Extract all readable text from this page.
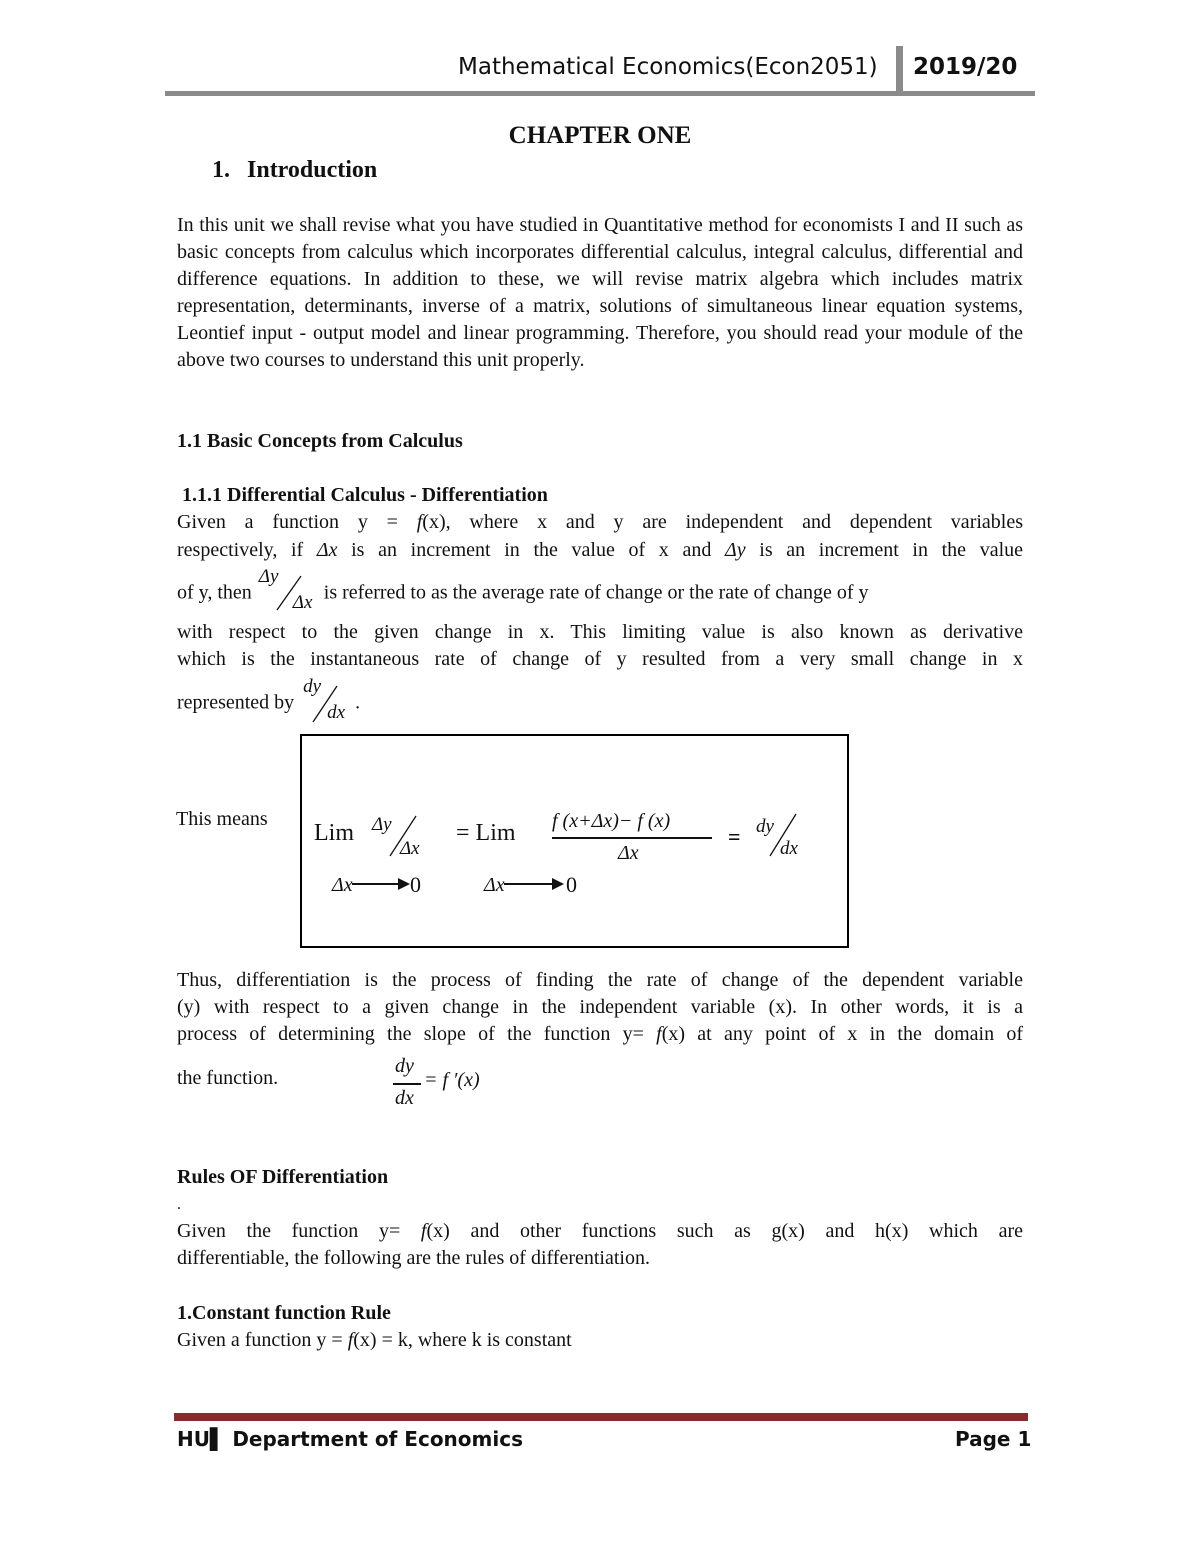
Mathematical Economics(Econ2051) 2019/20
CHAPTER ONE
1. Introduction
In this unit we shall revise what you have studied in Quantitative method for economists I and II such as basic concepts from calculus which incorporates differential calculus, integral calculus, differential and difference equations. In addition to these, we will revise matrix algebra which includes matrix representation, determinants, inverse of a matrix, solutions of simultaneous linear equation systems, Leontief input - output model and linear programming. Therefore, you should read your module of the above two courses to understand this unit properly.
1.1 Basic Concepts from Calculus
1.1.1 Differential Calculus - Differentiation
Given a function y = f(x), where x and y are independent and dependent variables
respectively, if Δx is an increment in the value of x and Δy is an increment in the value
of y, then
Δy
Δx is referred to as the average rate of change or the rate of change of y
with respect to the given change in x. This limiting value is also known as derivative
which is the instantaneous rate of change of y resulted from a very small change in x
represented by
dy
dx .
This means
Lim Δy
Δx
= Lim f (x+Δx)− f (x)
Δx
= dy
dx
Δx	0	Δx	0
Thus, differentiation is the process of finding the rate of change of the dependent variable
(y) with respect to a given change in the independent variable (x). In other words, it is a
process of determining the slope of the function y= f(x) at any point of x in the domain of
the function.
dy
dx
= f ′(x)
Rules OF Differentiation
.
Given the function y= f(x) and other functions such as g(x) and h(x) which are
differentiable, the following are the rules of differentiation.
1.Constant function Rule
Given a function y = f(x) = k, where k is constant
HU▌ Department of Economics	Page 1
